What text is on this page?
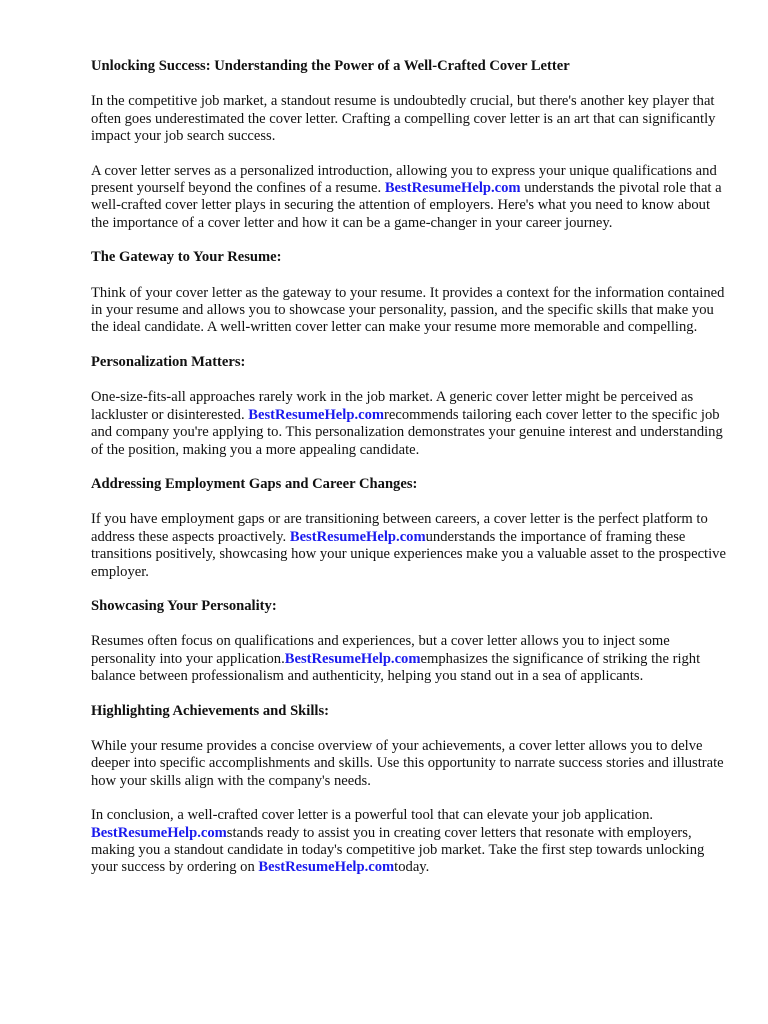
Unlocking Success: Understanding the Power of a Well-Crafted Cover Letter

In the competitive job market, a standout resume is undoubtedly crucial, but there's another key player that often goes underestimated the cover letter. Crafting a compelling cover letter is an art that can significantly impact your job search success.

A cover letter serves as a personalized introduction, allowing you to express your unique qualifications and present yourself beyond the confines of a resume. BestResumeHelp.com understands the pivotal role that a well-crafted cover letter plays in securing the attention of employers. Here's what you need to know about the importance of a cover letter and how it can be a game-changer in your career journey.

The Gateway to Your Resume:

Think of your cover letter as the gateway to your resume. It provides a context for the information contained in your resume and allows you to showcase your personality, passion, and the specific skills that make you the ideal candidate. A well-written cover letter can make your resume more memorable and compelling.

Personalization Matters:

One-size-fits-all approaches rarely work in the job market. A generic cover letter might be perceived as lackluster or disinterested. BestResumeHelp.comrecommends tailoring each cover letter to the specific job and company you're applying to. This personalization demonstrates your genuine interest and understanding of the position, making you a more appealing candidate.

Addressing Employment Gaps and Career Changes:

If you have employment gaps or are transitioning between careers, a cover letter is the perfect platform to address these aspects proactively. BestResumeHelp.comunderstands the importance of framing these transitions positively, showcasing how your unique experiences make you a valuable asset to the prospective employer.

Showcasing Your Personality:

Resumes often focus on qualifications and experiences, but a cover letter allows you to inject some personality into your application.BestResumeHelp.comemphasizes the significance of striking the right balance between professionalism and authenticity, helping you stand out in a sea of applicants.

Highlighting Achievements and Skills:

While your resume provides a concise overview of your achievements, a cover letter allows you to delve deeper into specific accomplishments and skills. Use this opportunity to narrate success stories and illustrate how your skills align with the company's needs.

In conclusion, a well-crafted cover letter is a powerful tool that can elevate your job application. BestResumeHelp.comstands ready to assist you in creating cover letters that resonate with employers, making you a standout candidate in today's competitive job market. Take the first step towards unlocking your success by ordering on BestResumeHelp.comtoday.
